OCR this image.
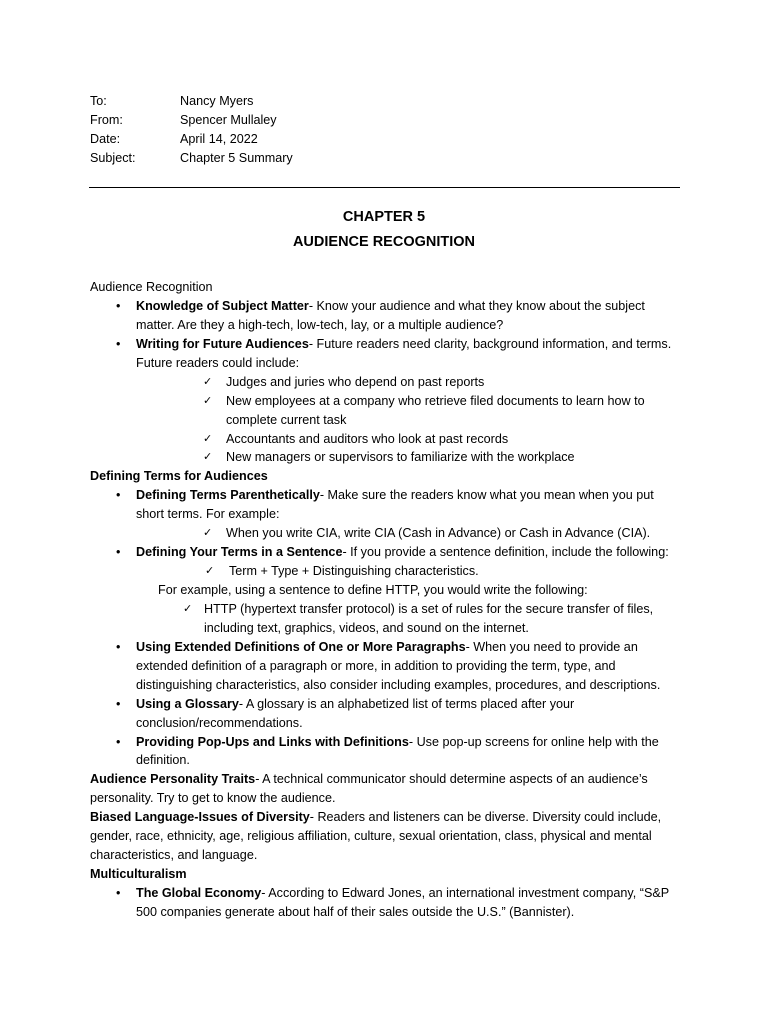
To:	Nancy Myers
From:	Spencer Mullaley
Date:	April 14, 2022
Subject:	Chapter 5 Summary
CHAPTER 5
AUDIENCE RECOGNITION
Audience Recognition
• Knowledge of Subject Matter- Know your audience and what they know about the subject
matter. Are they a high-tech, low-tech, lay, or a multiple audience?
• Writing for Future Audiences- Future readers need clarity, background information, and terms.
Future readers could include:
✓ Judges and juries who depend on past reports
✓ New employees at a company who retrieve filed documents to learn how to
complete current task
✓ Accountants and auditors who look at past records
✓ New managers or supervisors to familiarize with the workplace
Defining Terms for Audiences
• Defining Terms Parenthetically- Make sure the readers know what you mean when you put
short terms. For example:
✓ When you write CIA, write CIA (Cash in Advance) or Cash in Advance (CIA).
• Defining Your Terms in a Sentence- If you provide a sentence definition, include the following:
✓ Term + Type + Distinguishing characteristics.
For example, using a sentence to define HTTP, you would write the following:
✓ HTTP (hypertext transfer protocol) is a set of rules for the secure transfer of files,
including text, graphics, videos, and sound on the internet.
• Using Extended Definitions of One or More Paragraphs- When you need to provide an
extended definition of a paragraph or more, in addition to providing the term, type, and
distinguishing characteristics, also consider including examples, procedures, and descriptions.
• Using a Glossary- A glossary is an alphabetized list of terms placed after your
conclusion/recommendations.
• Providing Pop-Ups and Links with Definitions- Use pop-up screens for online help with the
definition.
Audience Personality Traits- A technical communicator should determine aspects of an audience’s
personality. Try to get to know the audience.
Biased Language-Issues of Diversity- Readers and listeners can be diverse. Diversity could include,
gender, race, ethnicity, age, religious affiliation, culture, sexual orientation, class, physical and mental
characteristics, and language.
Multiculturalism
• The Global Economy- According to Edward Jones, an international investment company, “S&P
500 companies generate about half of their sales outside the U.S.” (Bannister).
